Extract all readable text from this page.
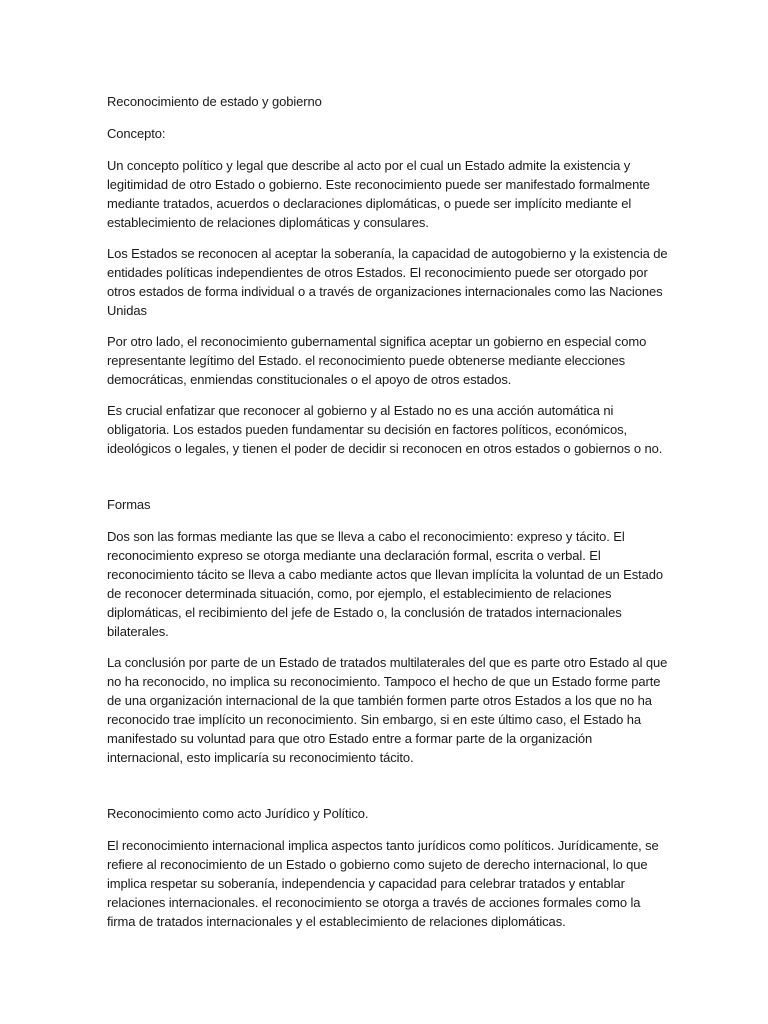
Reconocimiento de estado y gobierno

Concepto:

Un concepto político y legal que describe al acto por el cual un Estado admite la existencia y

legitimidad de otro Estado o gobierno. Este reconocimiento puede ser manifestado formalmente

mediante tratados, acuerdos o declaraciones diplomáticas, o puede ser implícito mediante el

establecimiento de relaciones diplomáticas y consulares.

Los Estados se reconocen al aceptar la soberanía, la capacidad de autogobierno y la existencia de

entidades políticas independientes de otros Estados. El reconocimiento puede ser otorgado por

otros estados de forma individual o a través de organizaciones internacionales como las Naciones

Unidas

Por otro lado, el reconocimiento gubernamental significa aceptar un gobierno en especial como

representante legítimo del Estado. el reconocimiento puede obtenerse mediante elecciones

democráticas, enmiendas constitucionales o el apoyo de otros estados.

Es crucial enfatizar que reconocer al gobierno y al Estado no es una acción automática ni

obligatoria. Los estados pueden fundamentar su decisión en factores políticos, económicos,

ideológicos o legales, y tienen el poder de decidir si reconocen en otros estados o gobiernos o no.

Formas

Dos son las formas mediante las que se lleva a cabo el reconocimiento: expreso y tácito. El

reconocimiento expreso se otorga mediante una declaración formal, escrita o verbal. El

reconocimiento tácito se lleva a cabo mediante actos que llevan implícita la voluntad de un Estado

de reconocer determinada situación, como, por ejemplo, el establecimiento de relaciones

diplomáticas, el recibimiento del jefe de Estado o, la conclusión de tratados internacionales

bilaterales.

La conclusión por parte de un Estado de tratados multilaterales del que es parte otro Estado al que

no ha reconocido, no implica su reconocimiento. Tampoco el hecho de que un Estado forme parte

de una organización internacional de la que también formen parte otros Estados a los que no ha

reconocido trae implícito un reconocimiento. Sin embargo, si en este último caso, el Estado ha

manifestado su voluntad para que otro Estado entre a formar parte de la organización

internacional, esto implicaría su reconocimiento tácito.

Reconocimiento como acto Jurídico y Político.

El reconocimiento internacional implica aspectos tanto jurídicos como políticos. Jurídicamente, se

refiere al reconocimiento de un Estado o gobierno como sujeto de derecho internacional, lo que

implica respetar su soberanía, independencia y capacidad para celebrar tratados y entablar

relaciones internacionales. el reconocimiento se otorga a través de acciones formales como la

firma de tratados internacionales y el establecimiento de relaciones diplomáticas.
